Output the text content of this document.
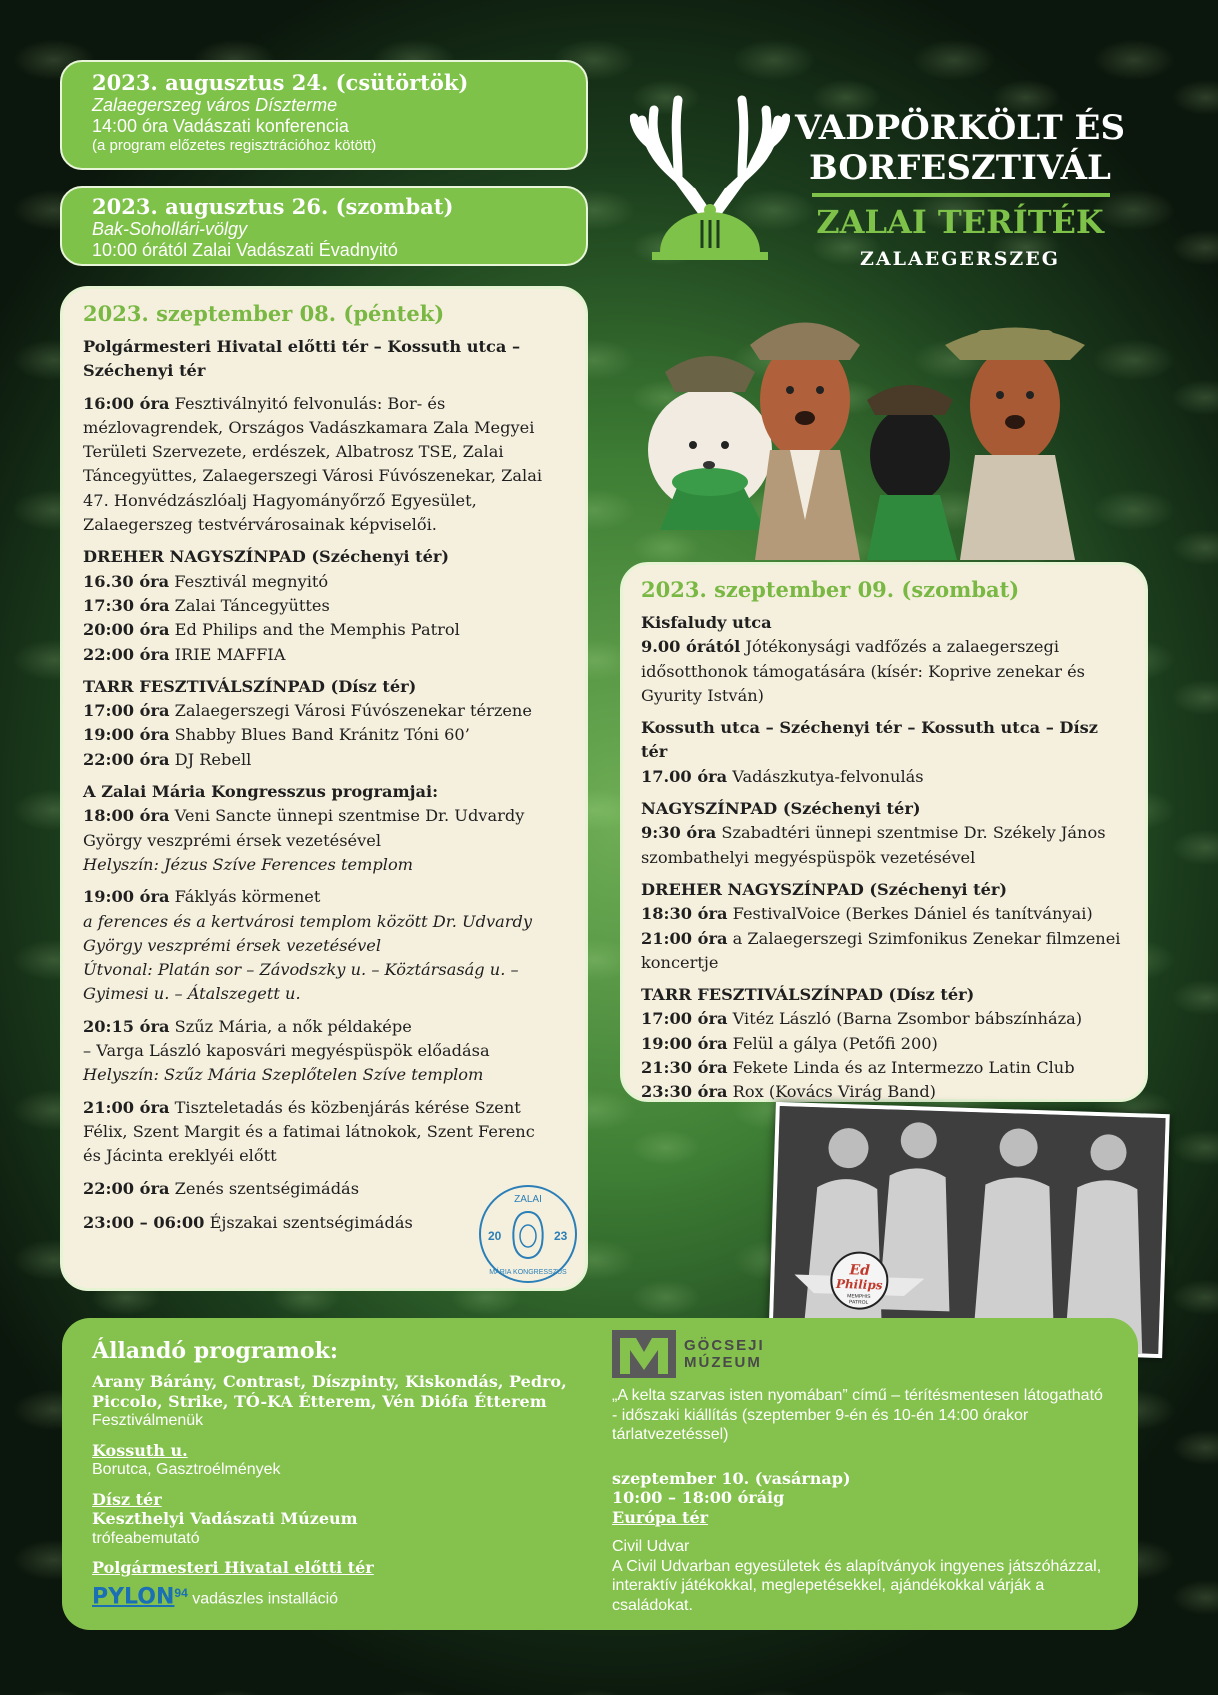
2023. augusztus 24. (csütörtök)
Zalaegerszeg város Díszterme
14:00 óra Vadászati konferencia
(a program előzetes regisztrációhoz kötött)
2023. augusztus 26. (szombat)
Bak-Sohollári-völgy
10:00 órától Zalai Vadászati Évadnyitó
VADPÖRKÖLT ÉS
BORFESZTIVÁL
ZALAI TERÍTÉK
ZALAEGERSZEG
2023. szeptember 08. (péntek)

Polgármesteri Hivatal előtti tér – Kossuth utca – Széchenyi tér

16:00 óra Fesztiválnyitó felvonulás: Bor- és mézlovagrendek, Országos Vadászkamara Zala Megyei Területi Szervezete, erdészek, Albatrosz TSE, Zalai Táncegyüttes, Zalaegerszegi Városi Fúvószenekar, Zalai 47. Honvédzászlóalj Hagyományőrző Egyesület, Zalaegerszeg testvérvárosainak képviselői.

DREHER NAGYSZÍNPAD (Széchenyi tér)
16.30 óra Fesztivál megnyitó
17:30 óra Zalai Táncegyüttes
20:00 óra Ed Philips and the Memphis Patrol
22:00 óra IRIE MAFFIA

TARR FESZTIVÁLSZÍNPAD (Dísz tér)
17:00 óra Zalaegerszegi Városi Fúvószenekar térzene
19:00 óra Shabby Blues Band Kránitz Tóni 60’
22:00 óra DJ Rebell

A Zalai Mária Kongresszus programjai:
18:00 óra Veni Sancte ünnepi szentmise Dr. Udvardy György veszprémi érsek vezetésével
Helyszín: Jézus Szíve Ferences templom

19:00 óra Fáklyás körmenet
a ferences és a kertvárosi templom között Dr. Udvardy György veszprémi érsek vezetésével
Útvonal: Platán sor – Závodszky u. – Köztársaság u. – Gyimesi u. – Átalszegett u.

20:15 óra Szűz Mária, a nők példaképe
– Varga László kaposvári megyéspüspök előadása
Helyszín: Szűz Mária Szeplőtelen Szíve templom

21:00 óra Tiszteletadás és közbenjárás kérése Szent Félix, Szent Margit és a fatimai látnokok, Szent Ferenc és Jácinta ereklyéi előtt

22:00 óra Zenés szentségimádás

23:00 – 06:00 Éjszakai szentségimádás

ZALAI
20	23
MÁRIA KONGRESSZUS
2023. szeptember 09. (szombat)

Kisfaludy utca
9.00 órától Jótékonysági vadfőzés a zalaegerszegi idősotthonok támogatására (kísér: Koprive zenekar és Gyurity István)

Kossuth utca – Széchenyi tér – Kossuth utca – Dísz tér
17.00 óra Vadászkutya-felvonulás

NAGYSZÍNPAD (Széchenyi tér)
9:30 óra Szabadtéri ünnepi szentmise Dr. Székely János szombathelyi megyéspüspök vezetésével

DREHER NAGYSZÍNPAD (Széchenyi tér)
18:30 óra FestivalVoice (Berkes Dániel és tanítványai)
21:00 óra a Zalaegerszegi Szimfonikus Zenekar filmzenei koncertje

TARR FESZTIVÁLSZÍNPAD (Dísz tér)
17:00 óra Vitéz László (Barna Zsombor bábszínháza)
19:00 óra Felül a gálya (Petőfi 200)
21:30 óra Fekete Linda és az Intermezzo Latin Club
23:30 óra Rox (Kovács Virág Band)

Ed
Philips
MEMPHIS
PATROL
Állandó programok:
Arany Bárány, Contrast, Díszpinty, Kiskondás, Pedro, Piccolo, Strike, TÓ-KA Étterem, Vén Diófa Étterem
Fesztiválmenük
Kossuth u.
Borutca, Gasztroélmények
Dísz tér
Keszthelyi Vadászati Múzeum
trófeabemutató
Polgármesteri Hivatal előtti tér
PYLON$^{94}$ vadászles installáció
GÖCSEJI
MÚZEUM
„A kelta szarvas isten nyomában” című – térítésmentesen látogatható - időszaki kiállítás (szeptember 9-én és 10-én 14:00 órakor tárlatvezetéssel)
szeptember 10. (vasárnap)
10:00 – 18:00 óráig
Európa tér
Civil Udvar
A Civil Udvarban egyesületek és alapítványok ingyenes játszóházzal, interaktív játékokkal, meglepetésekkel, ajándékokkal várják a családokat.
